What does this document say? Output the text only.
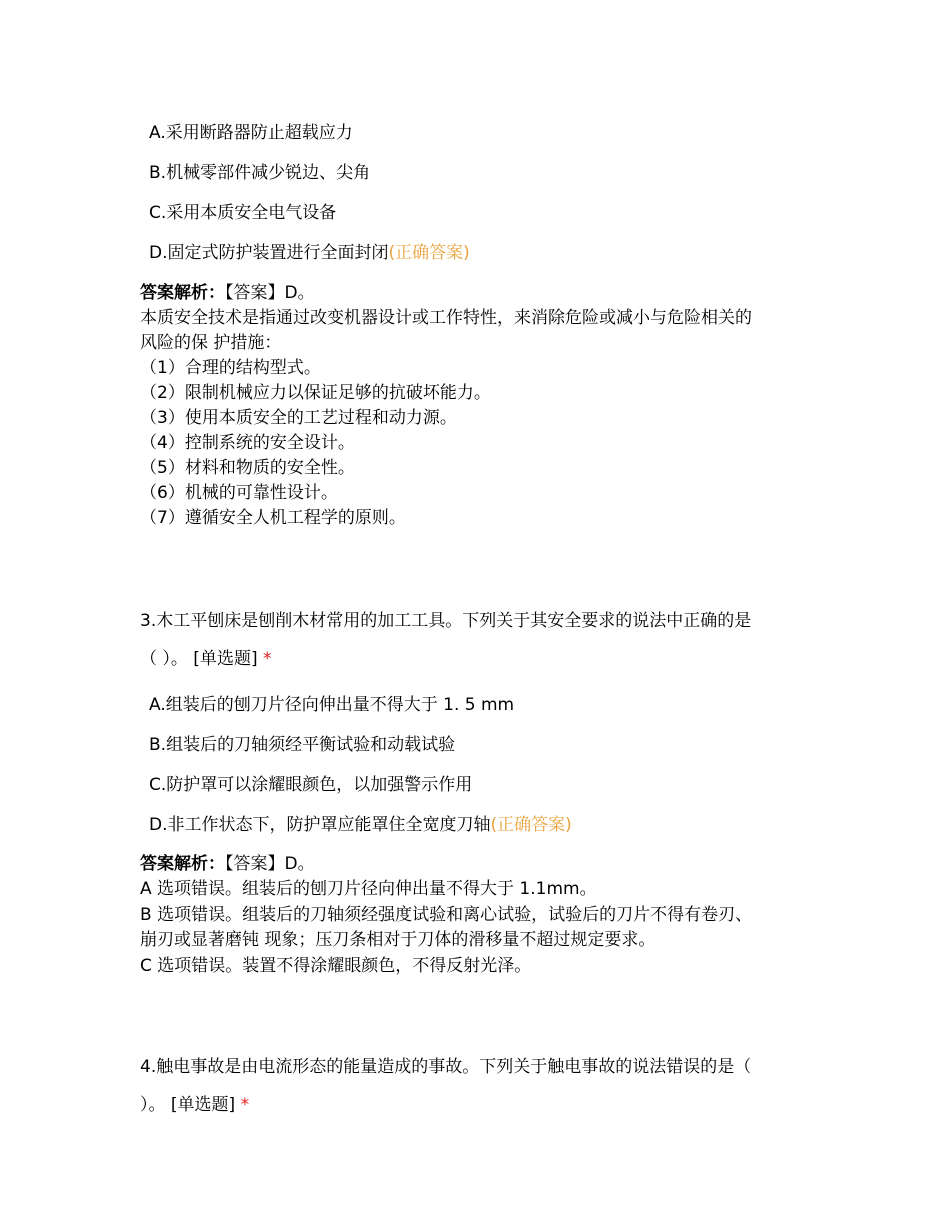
A.采用断路器防止超载应力
B.机械零部件减少锐边、尖角
C.采用本质安全电气设备
D.固定式防护装置进行全面封闭(正确答案)
答案解析：【答案】D。
本质安全技术是指通过改变机器设计或工作特性，来消除危险或减小与危险相关的
风险的保 护措施：
（1）合理的结构型式。
（2）限制机械应力以保证足够的抗破坏能力。
（3）使用本质安全的工艺过程和动力源。
（4）控制系统的安全设计。
（5）材料和物质的安全性。
（6）机械的可靠性设计。
（7）遵循安全人机工程学的原则。
3.木工平刨床是刨削木材常用的加工工具。下列关于其安全要求的说法中正确的是
（ ）。 [单选题] *
A.组装后的刨刀片径向伸出量不得大于 1. 5 mm
B.组装后的刀轴须经平衡试验和动载试验
C.防护罩可以涂耀眼颜色，以加强警示作用
D.非工作状态下，防护罩应能罩住全宽度刀轴(正确答案)
答案解析：【答案】D。
A 选项错误。组装后的刨刀片径向伸出量不得大于 1.1mm。
B 选项错误。组装后的刀轴须经强度试验和离心试验，试验后的刀片不得有卷刃、
崩刃或显著磨钝 现象；压刀条相对于刀体的滑移量不超过规定要求。
C 选项错误。装置不得涂耀眼颜色，不得反射光泽。
4.触电事故是由电流形态的能量造成的事故。下列关于触电事故的说法错误的是（
）。 [单选题] *
